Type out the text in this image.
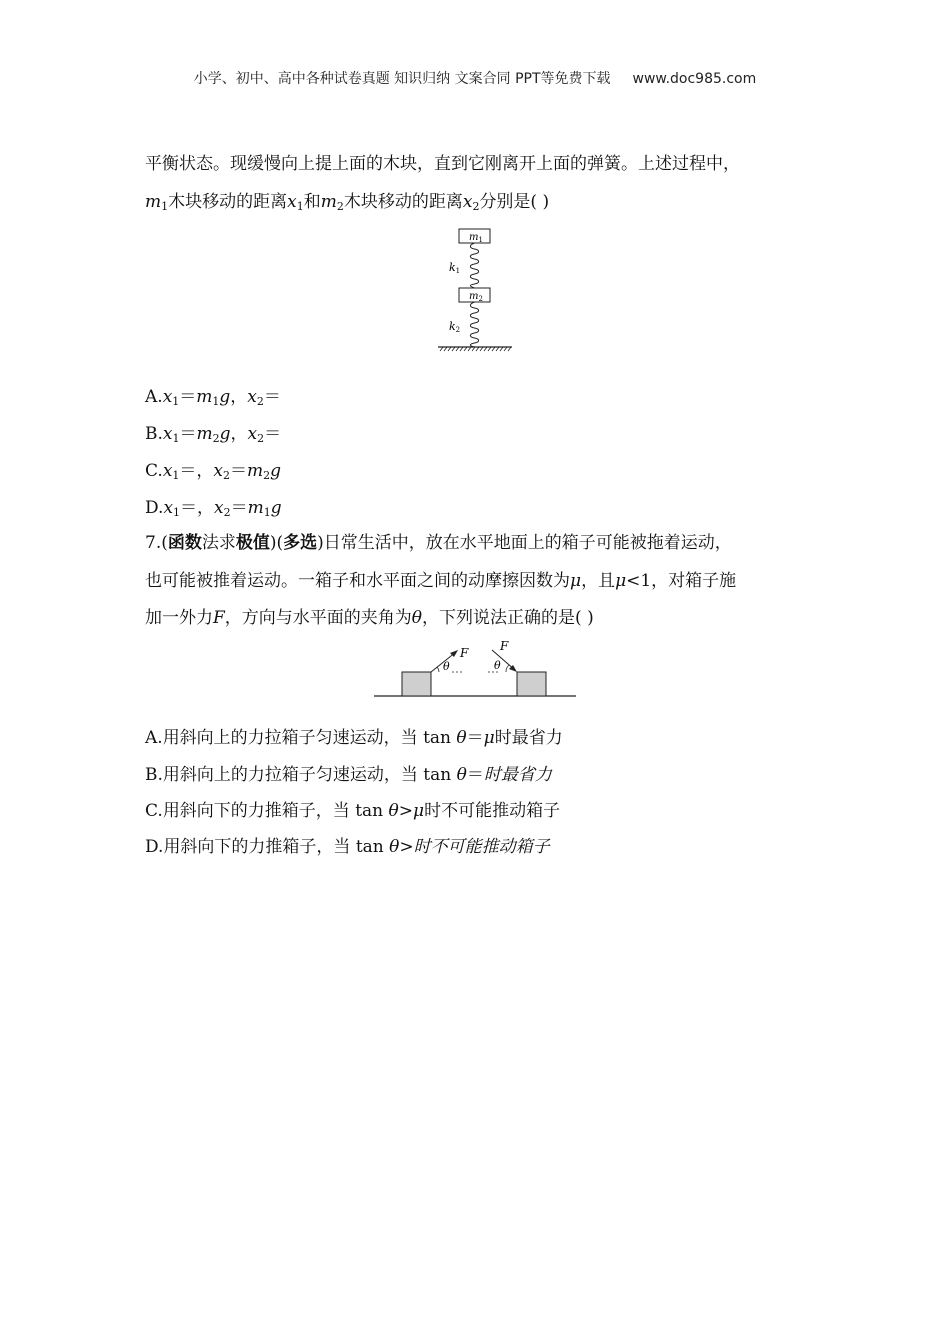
小学、初中、高中各种试卷真题 知识归纳 文案合同 PPT等免费下载 www.doc985.com
平衡状态。现缓慢向上提上面的木块，直到它刚离开上面的弹簧。上述过程中，
$m_1$木块移动的距离$x_1$和$m_2$木块移动的距离$x_2$分别是( )
$m_1$
k1
$m_2$
k2
$A.x_1=m_1g$，$x_2=$
$B.x_1=m_2g$，$x_2=$
$C.x_1=$，$x_2=m_2g$
$D.x_1=$，$x_2=m_1g$
7.(函数法求极值)(多选)日常生活中，放在水平地面上的箱子可能被拖着运动，
也可能被推着运动。一箱子和水平面之间的动摩擦因数为μ，且μ<1，对箱子施
加一外力F，方向与水平面的夹角为θ，下列说法正确的是( )
F
θ
F
θ
A.用斜向上的力拉箱子匀速运动，当 tan θ＝μ时最省力
B.用斜向上的力拉箱子匀速运动，当 tan θ＝时最省力
C.用斜向下的力推箱子，当 tan θ>μ时不可能推动箱子
D.用斜向下的力推箱子，当 tan θ>时不可能推动箱子
